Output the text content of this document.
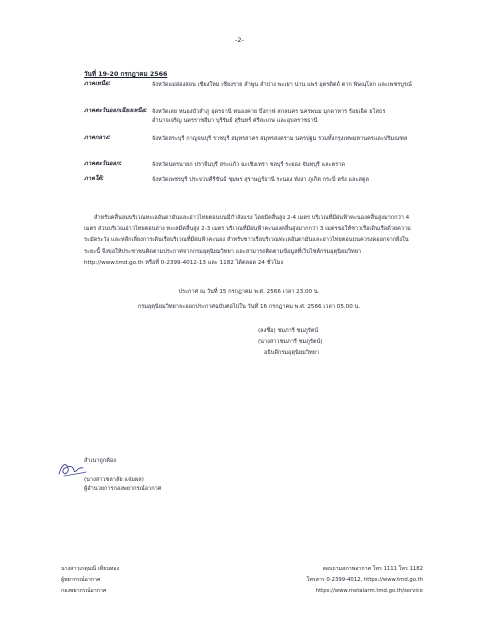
-2-
วันที่ 19-20 กรกฎาคม 2566
ภาคเหนือ:	จังหวัดแม่ฮ่องสอน เชียงใหม่ เชียงราย ลำพูน ลำปาง พะเยา น่าน แพร่ อุตรดิตถ์ ตาก พิษณุโลก และเพชรบูรณ์
ภาคตะวันออกเฉียงเหนือ: จังหวัดเลย หนองบัวลำภู อุดรธานี หนองคาย บึงกาฬ สกลนคร นครพนม มุกดาหาร ร้อยเอ็ด ยโสธร อำนาจเจริญ นครราชสีมา บุรีรัมย์ สุรินทร์ ศรีสะเกษ และอุบลราชธานี
ภาคกลาง:	จังหวัดสระบุรี กาญจนบุรี ราชบุรี สมุทรสาคร สมุทรสงคราม นครปฐม รวมทั้งกรุงเทพมหานครและปริมณฑล
ภาคตะวันออก:	จังหวัดนครนายก ปราจีนบุรี สระแก้ว ฉะเชิงเทรา ชลบุรี ระยอง จันทบุรี และตราด
ภาคใต้:	จังหวัดเพชรบุรี ประจวบคีรีขันธ์ ชุมพร สุราษฎร์ธานี ระนอง พังงา ภูเก็ต กระบี่ ตรัง และสตูล
สำหรับคลื่นลมบริเวณทะเลอันดามันและอ่าวไทยตอนบนมีกำลังแรง โดยมีคลื่นสูง 2-4 เมตร บริเวณที่มีฝนฟ้าคะนองคลื่นสูงมากกว่า 4 เมตร ส่วนบริเวณอ่าวไทยตอนล่าง ทะเลมีคลื่นสูง 2-3 เมตร บริเวณที่มีฝนฟ้าคะนองคลื่นสูงมากกว่า 3 เมตรขอให้ชาวเรือเดินเรือด้วยความระมัดระวัง และหลีกเลี่ยงการเดินเรือบริเวณที่มีฝนฟ้าคะนอง สำหรับชาวเรือบริเวณทะเลอันดามันและอ่าวไทยตอนบนควรงดออกจากฝั่งในระยะนี้ จึงขอให้ประชาชนติดตามประกาศจากกรมอุตุนิยมวิทยา และสามารถติดตามข้อมูลที่เว็บไซต์กรมอุตุนิยมวิทยา http://www.tmd.go.th หรือที่ 0-2399-4012-13 และ 1182 ได้ตลอด 24 ชั่วโมง
ประกาศ ณ วันที่ 15 กรกฎาคม พ.ศ. 2566 เวลา 23.00 น.
กรมอุตุนิยมวิทยาจะออกประกาศฉบับต่อไปใน วันที่ 16 กรกฎาคม พ.ศ. 2566 เวลา 05.00 น.
(ลงชื่อ) ชมภารี ชมภูรัตน์
(นางสาวชมภารี ชมภูรัตน์)
อธิบดีกรมอุตุนิยมวิทยา
สำเนาถูกต้อง
(นางสาวชลาลัย แจ่มผล)
ผู้อำนวยการกองพยากรณ์อากาศ
นางสาวเกตุมณี เทียนทอง
ผู้พยากรณ์อากาศ
กองพยากรณ์อากาศ
สอบถามสภาพอากาศ โทร 1111 โทร 1182
โทรสาร 0-2399-4012, https://www.tmd.go.th
https://www.metalarm.tmd.go.th/service
